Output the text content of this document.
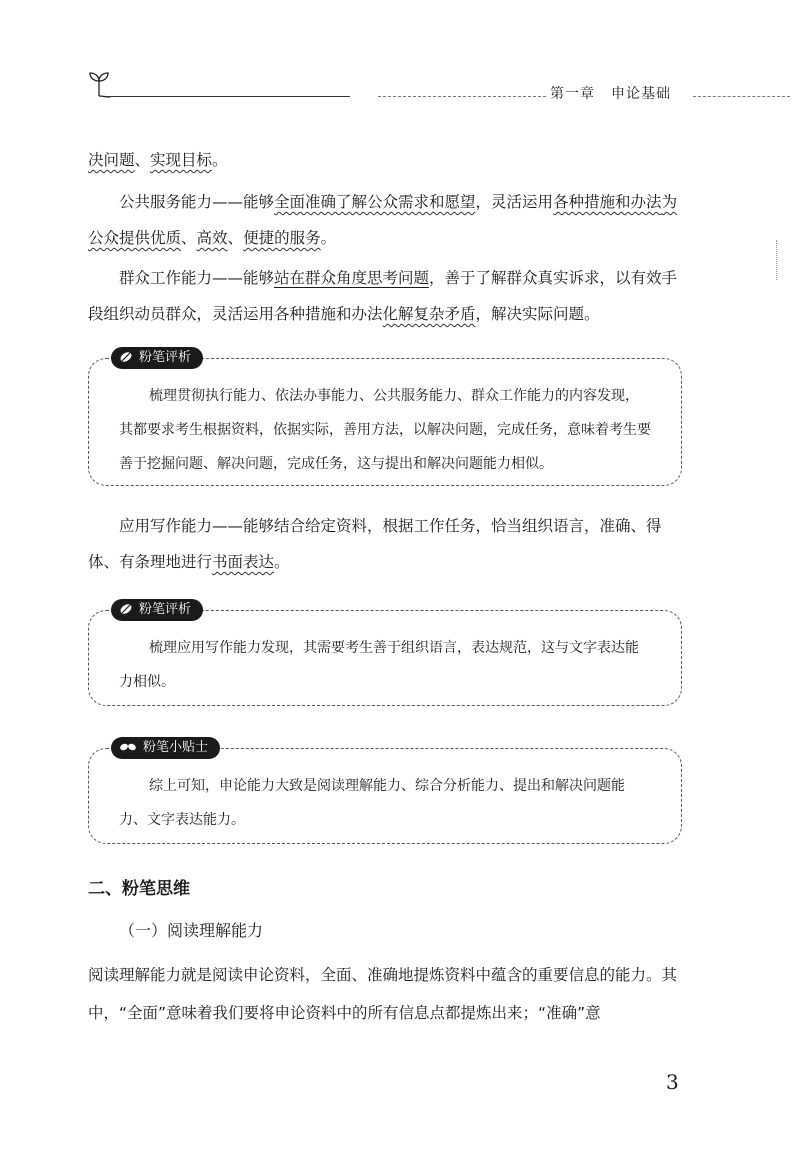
第一章 申论基础

决问题、实现目标。

公共服务能力——能够全面准确了解公众需求和愿望，灵活运用各种措施和办法为公众提供优质、高效、便捷的服务。

群众工作能力——能够站在群众角度思考问题，善于了解群众真实诉求，以有效手段组织动员群众，灵活运用各种措施和办法化解复杂矛盾，解决实际问题。

粉笔评析

梳理贯彻执行能力、依法办事能力、公共服务能力、群众工作能力的内容发现，其都要求考生根据资料，依据实际，善用方法，以解决问题，完成任务，意味着考生要善于挖掘问题、解决问题，完成任务，这与提出和解决问题能力相似。

应用写作能力——能够结合给定资料，根据工作任务，恰当组织语言，准确、得体、有条理地进行书面表达。

粉笔评析

梳理应用写作能力发现，其需要考生善于组织语言，表达规范，这与文字表达能力相似。

粉笔小贴士

综上可知，申论能力大致是阅读理解能力、综合分析能力、提出和解决问题能力、文字表达能力。

二、粉笔思维

（一）阅读理解能力

阅读理解能力就是阅读申论资料，全面、准确地提炼资料中蕴含的重要信息的能力。其中，“全面”意味着我们要将申论资料中的所有信息点都提炼出来；“准确”意

3
